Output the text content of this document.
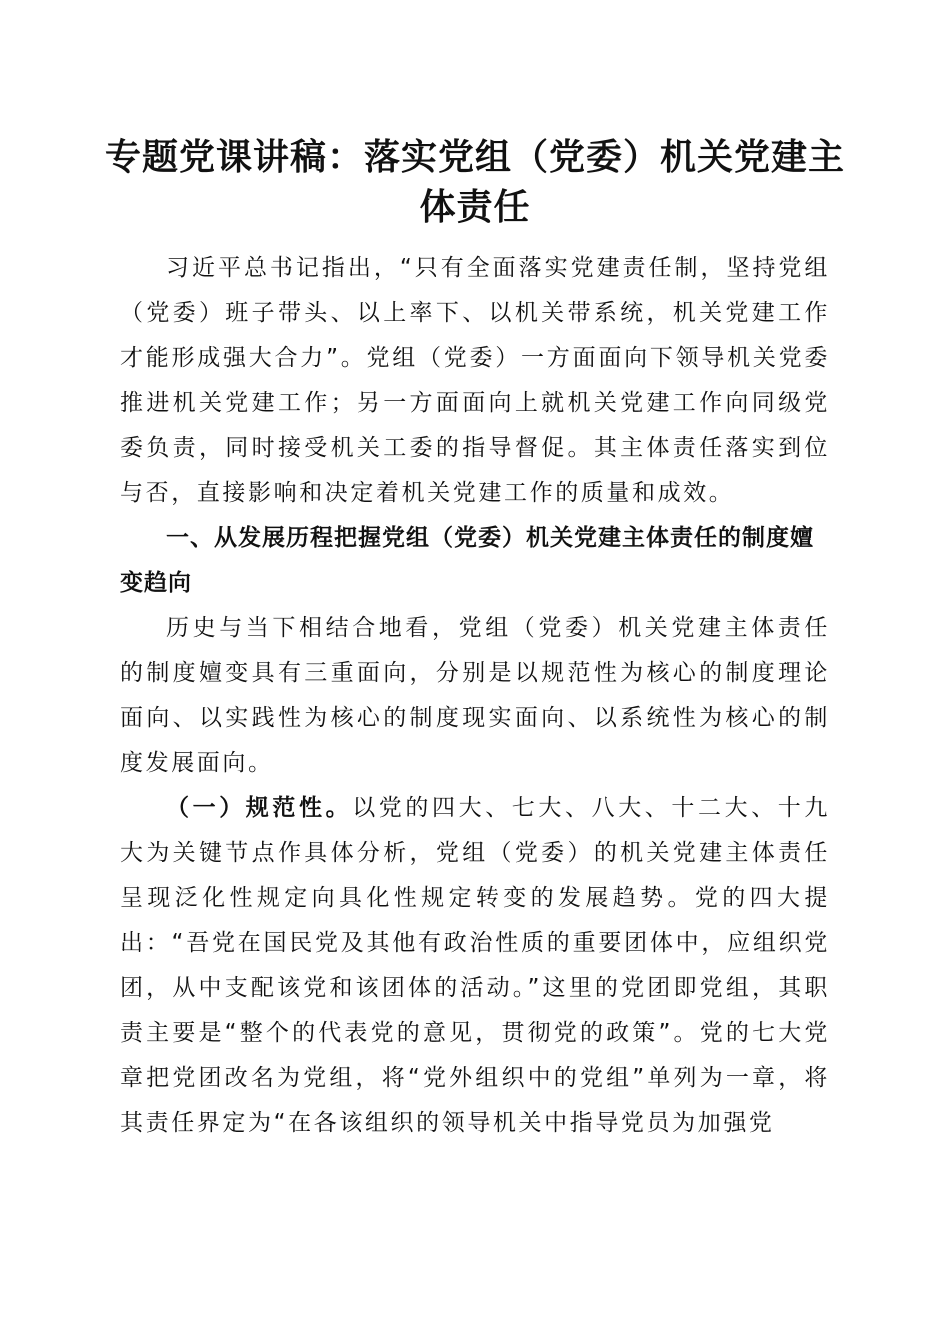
专题党课讲稿：落实党组（党委）机关党建主体责任

习近平总书记指出，“只有全面落实党建责任制，坚持党组（党委）班子带头、以上率下、以机关带系统，机关党建工作才能形成强大合力”。党组（党委）一方面面向下领导机关党委推进机关党建工作；另一方面面向上就机关党建工作向同级党委负责，同时接受机关工委的指导督促。其主体责任落实到位与否，直接影响和决定着机关党建工作的质量和成效。

一、从发展历程把握党组（党委）机关党建主体责任的制度嬗变趋向

历史与当下相结合地看，党组（党委）机关党建主体责任的制度嬗变具有三重面向，分别是以规范性为核心的制度理论面向、以实践性为核心的制度现实面向、以系统性为核心的制度发展面向。

（一）规范性。以党的四大、七大、八大、十二大、十九大为关键节点作具体分析，党组（党委）的机关党建主体责任呈现泛化性规定向具化性规定转变的发展趋势。党的四大提出：“吾党在国民党及其他有政治性质的重要团体中，应组织党团，从中支配该党和该团体的活动。”这里的党团即党组，其职责主要是“整个的代表党的意见，贯彻党的政策”。党的七大党章把党团改名为党组，将“党外组织中的党组”单列为一章，将其责任界定为“在各该组织的领导机关中指导党员为加强党
